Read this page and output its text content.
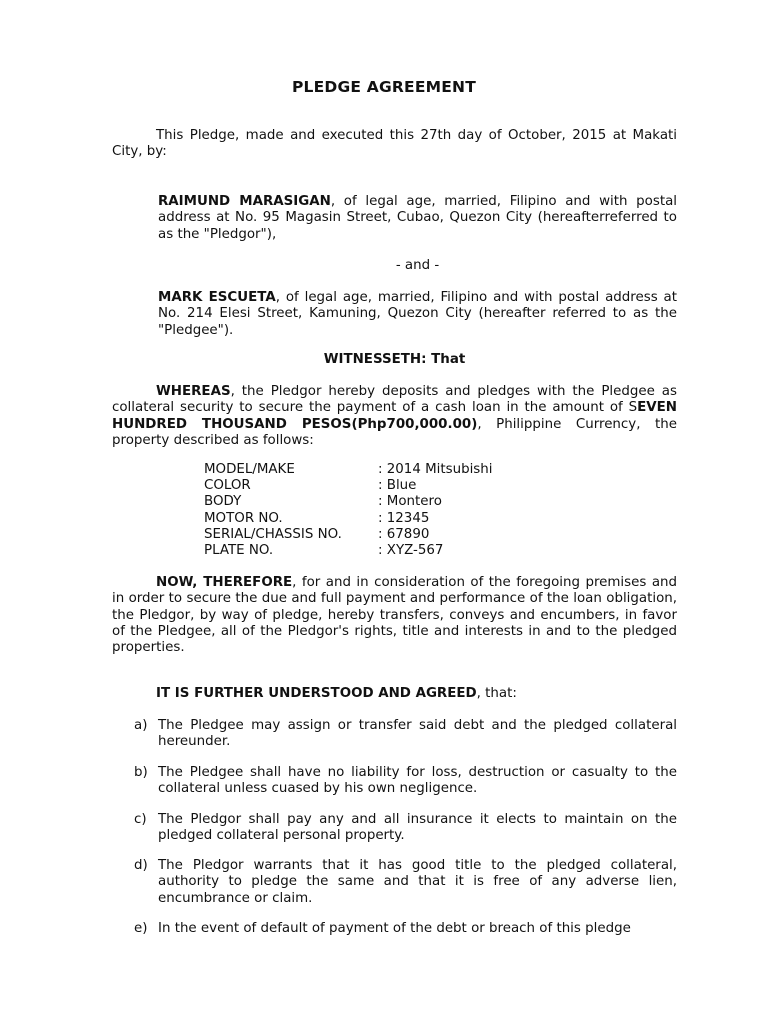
PLEDGE AGREEMENT
This Pledge, made and executed this 27th day of October, 2015 at Makati City, by:
RAIMUND MARASIGAN, of legal age, married, Filipino and with postal address at No. 95 Magasin Street, Cubao, Quezon City (hereafterreferred to as the "Pledgor"),
- and -
MARK ESCUETA, of legal age, married, Filipino and with postal address at No. 214 Elesi Street, Kamuning, Quezon City (hereafter referred to as the "Pledgee").
WITNESSETH: That
WHEREAS, the Pledgor hereby deposits and pledges with the Pledgee as collateral security to secure the payment of a cash loan in the amount of SEVEN HUNDRED THOUSAND PESOS(Php700,000.00), Philippine Currency, the property described as follows:
MODEL/MAKE	: 2014 Mitsubishi
COLOR	: Blue
BODY	: Montero
MOTOR NO.	: 12345
SERIAL/CHASSIS NO.	: 67890
PLATE NO.	: XYZ-567
NOW, THEREFORE, for and in consideration of the foregoing premises and in order to secure the due and full payment and performance of the loan obligation, the Pledgor, by way of pledge, hereby transfers, conveys and encumbers, in favor of the Pledgee, all of the Pledgor's rights, title and interests in and to the pledged properties.
IT IS FURTHER UNDERSTOOD AND AGREED, that:
a) The Pledgee may assign or transfer said debt and the pledged collateral hereunder.
b) The Pledgee shall have no liability for loss, destruction or casualty to the collateral unless cuased by his own negligence.
c) The Pledgor shall pay any and all insurance it elects to maintain on the pledged collateral personal property.
d) The Pledgor warrants that it has good title to the pledged collateral, authority to pledge the same and that it is free of any adverse lien, encumbrance or claim.
e) In the event of default of payment of the debt or breach of this pledge
